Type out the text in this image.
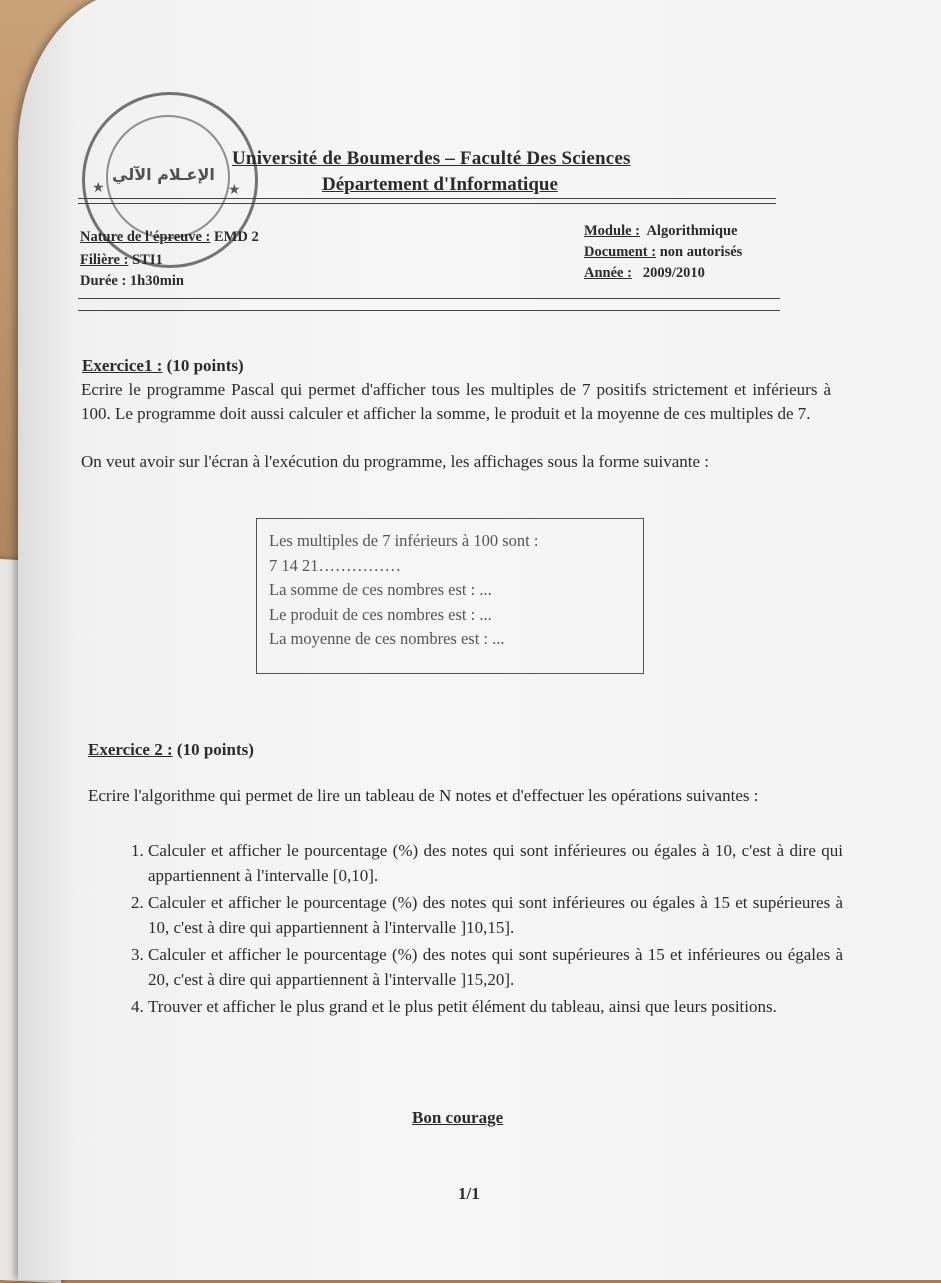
الإعـلام الآلي
★	★
Université de Boumerdes – Faculté Des Sciences
Département d'Informatique
Nature de l'épreuve : EMD 2
Filière : STI1
Durée : 1h30min
Module : Algorithmique
Document : non autorisés
Année : 2009/2010
Exercice1 : (10 points)
Ecrire le programme Pascal qui permet d'afficher tous les multiples de 7 positifs strictement et inférieurs à 100. Le programme doit aussi calculer et afficher la somme, le produit et la moyenne de ces multiples de 7.
On veut avoir sur l'écran à l'exécution du programme, les affichages sous la forme suivante :
Les multiples de 7 inférieurs à 100 sont :
7 14 21……………
La somme de ces nombres est : ...
Le produit de ces nombres est : ...
La moyenne de ces nombres est : ...
Exercice 2 : (10 points)
Ecrire l'algorithme qui permet de lire un tableau de N notes et d'effectuer les opérations suivantes :
1. Calculer et afficher le pourcentage (%) des notes qui sont inférieures ou égales à 10, c'est à dire qui appartiennent à l'intervalle [0,10].
2. Calculer et afficher le pourcentage (%) des notes qui sont inférieures ou égales à 15 et supérieures à 10, c'est à dire qui appartiennent à l'intervalle ]10,15].
3. Calculer et afficher le pourcentage (%) des notes qui sont supérieures à 15 et inférieures ou égales à 20, c'est à dire qui appartiennent à l'intervalle ]15,20].
4. Trouver et afficher le plus grand et le plus petit élément du tableau, ainsi que leurs positions.
Bon courage
1/1
